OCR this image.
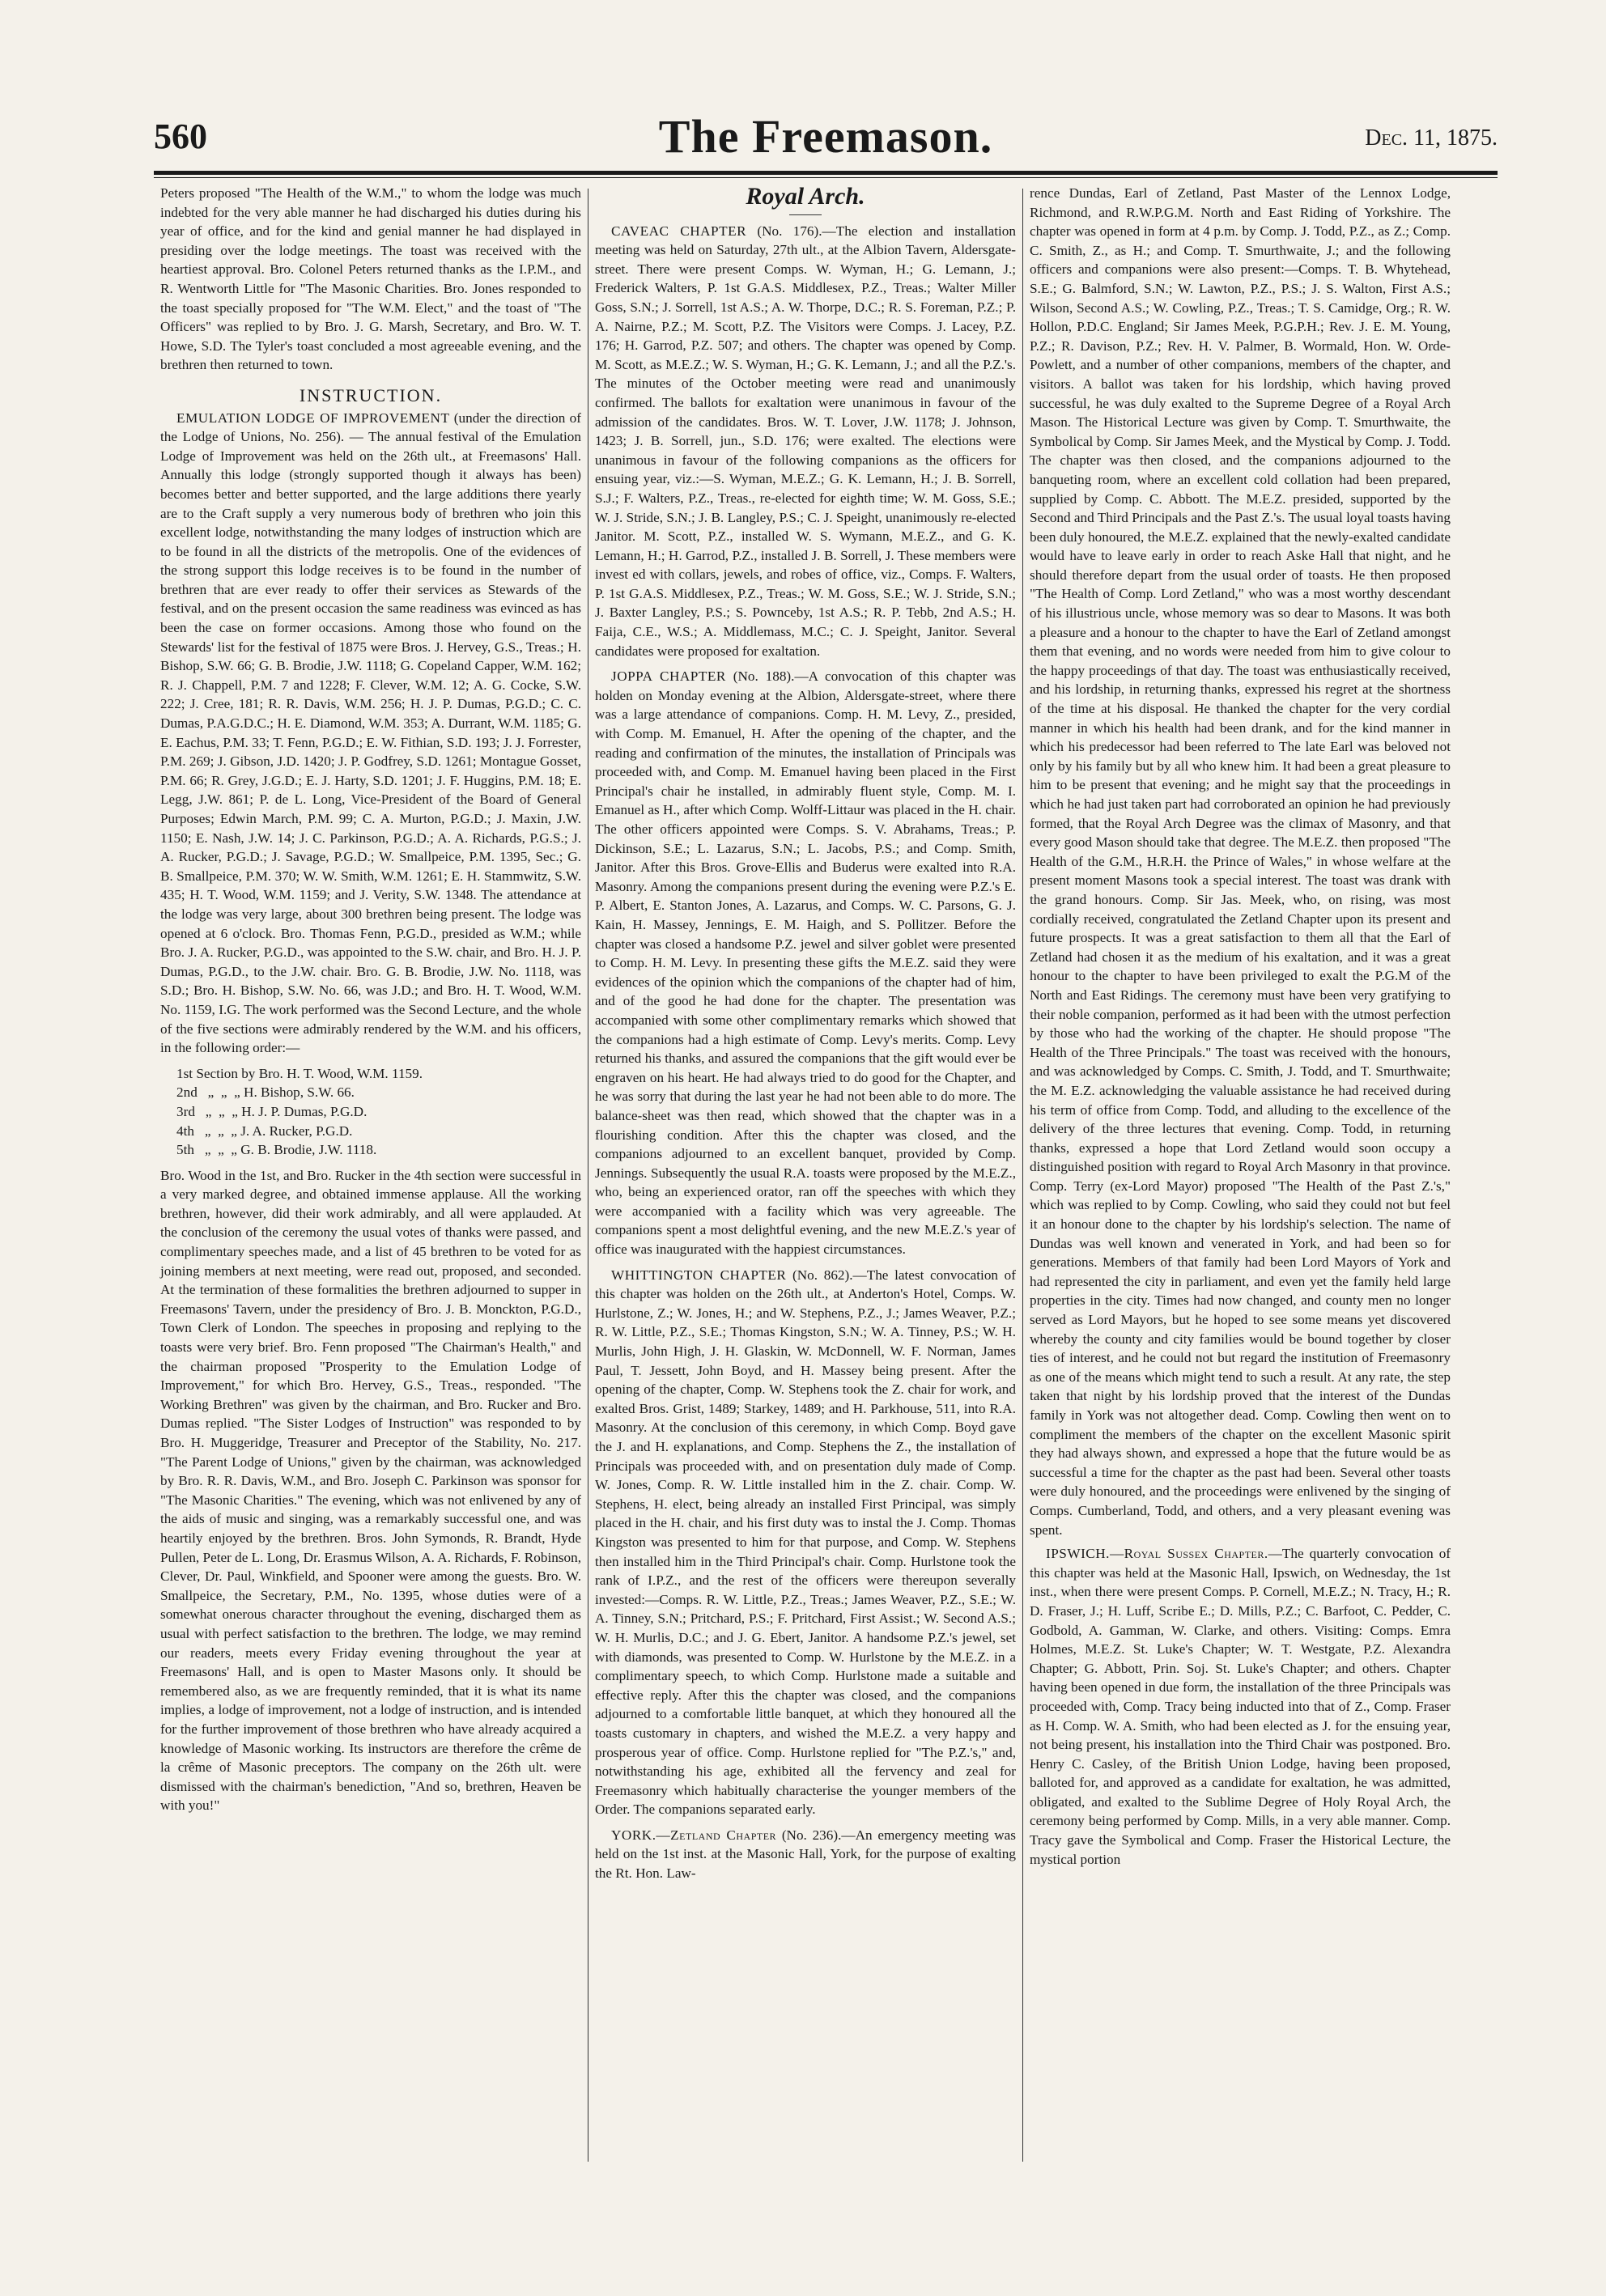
560	The Freemason.	Dec. 11, 1875.

Peters proposed "The Health of the W.M.," to whom the lodge was much indebted for the very able manner he had discharged his duties during his year of office, and for the kind and genial manner he had displayed in presiding over the lodge meetings. The toast was received with the heartiest approval. Bro. Colonel Peters returned thanks as the I.P.M., and R. Wentworth Little for "The Masonic Charities. Bro. Jones responded to the toast specially proposed for "The W.M. Elect," and the toast of "The Officers" was replied to by Bro. J. G. Marsh, Secretary, and Bro. W. T. Howe, S.D. The Tyler's toast concluded a most agreeable evening, and the brethren then returned to town.

INSTRUCTION.

EMULATION LODGE OF IMPROVEMENT (under the direction of the Lodge of Unions, No. 256). — The annual festival of the Emulation Lodge of Improvement was held on the 26th ult., at Freemasons' Hall. Annually this lodge (strongly supported though it always has been) becomes better and better supported, and the large additions there yearly are to the Craft supply a very numerous body of brethren who join this excellent lodge, notwithstanding the many lodges of instruction which are to be found in all the districts of the metropolis. One of the evidences of the strong support this lodge receives is to be found in the number of brethren that are ever ready to offer their services as Stewards of the festival, and on the present occasion the same readiness was evinced as has been the case on former occasions. Among those who found on the Stewards' list for the festival of 1875 were Bros. J. Hervey, G.S., Treas.; H. Bishop, S.W. 66; G. B. Brodie, J.W. 1118; G. Copeland Capper, W.M. 162; R. J. Chappell, P.M. 7 and 1228; F. Clever, W.M. 12; A. G. Cocke, S.W. 222; J. Cree, 181; R. R. Davis, W.M. 256; H. J. P. Dumas, P.G.D.; C. C. Dumas, P.A.G.D.C.; H. E. Diamond, W.M. 353; A. Durrant, W.M. 1185; G. E. Eachus, P.M. 33; T. Fenn, P.G.D.; E. W. Fithian, S.D. 193; J. J. Forrester, P.M. 269; J. Gibson, J.D. 1420; J. P. Godfrey, S.D. 1261; Montague Gosset, P.M. 66; R. Grey, J.G.D.; E. J. Harty, S.D. 1201; J. F. Huggins, P.M. 18; E. Legg, J.W. 861; P. de L. Long, Vice-President of the Board of General Purposes; Edwin March, P.M. 99; C. A. Murton, P.G.D.; J. Maxin, J.W. 1150; E. Nash, J.W. 14; J. C. Parkinson, P.G.D.; A. A. Richards, P.G.S.; J. A. Rucker, P.G.D.; J. Savage, P.G.D.; W. Smallpeice, P.M. 1395, Sec.; G. B. Smallpeice, P.M. 370; W. W. Smith, W.M. 1261; E. H. Stammwitz, S.W. 435; H. T. Wood, W.M. 1159; and J. Verity, S.W. 1348. The attendance at the lodge was very large, about 300 brethren being present. The lodge was opened at 6 o'clock. Bro. Thomas Fenn, P.G.D., presided as W.M.; while Bro. J. A. Rucker, P.G.D., was appointed to the S.W. chair, and Bro. H. J. P. Dumas, P.G.D., to the J.W. chair. Bro. G. B. Brodie, J.W. No. 1118, was S.D.; Bro. H. Bishop, S.W. No. 66, was J.D.; and Bro. H. T. Wood, W.M. No. 1159, I.G. The work performed was the Second Lecture, and the whole of the five sections were admirably rendered by the W.M. and his officers, in the following order:—

1st Section by Bro. H. T. Wood, W.M. 1159.
2nd   „  „  „ H. Bishop, S.W. 66.
3rd   „  „  „ H. J. P. Dumas, P.G.D.
4th   „  „  „ J. A. Rucker, P.G.D.
5th   „  „  „ G. B. Brodie, J.W. 1118.

Bro. Wood in the 1st, and Bro. Rucker in the 4th section were successful in a very marked degree, and obtained immense applause. All the working brethren, however, did their work admirably, and all were applauded. At the conclusion of the ceremony the usual votes of thanks were passed, and complimentary speeches made, and a list of 45 brethren to be voted for as joining members at next meeting, were read out, proposed, and seconded. At the termination of these formalities the brethren adjourned to supper in Freemasons' Tavern, under the presidency of Bro. J. B. Monckton, P.G.D., Town Clerk of London. The speeches in proposing and replying to the toasts were very brief. Bro. Fenn proposed "The Chairman's Health," and the chairman proposed "Prosperity to the Emulation Lodge of Improvement," for which Bro. Hervey, G.S., Treas., responded. "The Working Brethren" was given by the chairman, and Bro. Rucker and Bro. Dumas replied. "The Sister Lodges of Instruction" was responded to by Bro. H. Muggeridge, Treasurer and Preceptor of the Stability, No. 217. "The Parent Lodge of Unions," given by the chairman, was acknowledged by Bro. R. R. Davis, W.M., and Bro. Joseph C. Parkinson was sponsor for "The Masonic Charities." The evening, which was not enlivened by any of the aids of music and singing, was a remarkably successful one, and was heartily enjoyed by the brethren. Bros. John Symonds, R. Brandt, Hyde Pullen, Peter de L. Long, Dr. Erasmus Wilson, A. A. Richards, F. Robinson, Clever, Dr. Paul, Winkfield, and Spooner were among the guests. Bro. W. Smallpeice, the Secretary, P.M., No. 1395, whose duties were of a somewhat onerous character throughout the evening, discharged them as usual with perfect satisfaction to the brethren. The lodge, we may remind our readers, meets every Friday evening throughout the year at Freemasons' Hall, and is open to Master Masons only. It should be remembered also, as we are frequently reminded, that it is what its name implies, a lodge of improvement, not a lodge of instruction, and is intended for the further improvement of those brethren who have already acquired a knowledge of Masonic working. Its instructors are therefore the crême de la crême of Masonic preceptors. The company on the 26th ult. were dismissed with the chairman's benediction, "And so, brethren, Heaven be with you!"

Royal Arch.

CAVEAC CHAPTER (No. 176).—The election and installation meeting was held on Saturday, 27th ult., at the Albion Tavern, Aldersgate-street. There were present Comps. W. Wyman, H.; G. Lemann, J.; Frederick Walters, P. 1st G.A.S. Middlesex, P.Z., Treas.; Walter Miller Goss, S.N.; J. Sorrell, 1st A.S.; A. W. Thorpe, D.C.; R. S. Foreman, P.Z.; P. A. Nairne, P.Z.; M. Scott, P.Z. The Visitors were Comps. J. Lacey, P.Z. 176; H. Garrod, P.Z. 507; and others. The chapter was opened by Comp. M. Scott, as M.E.Z.; W. S. Wyman, H.; G. K. Lemann, J.; and all the P.Z.'s. The minutes of the October meeting were read and unanimously confirmed. The ballots for exaltation were unanimous in favour of the admission of the candidates. Bros. W. T. Lover, J.W. 1178; J. Johnson, 1423; J. B. Sorrell, jun., S.D. 176; were exalted. The elections were unanimous in favour of the following companions as the officers for ensuing year, viz.:—S. Wyman, M.E.Z.; G. K. Lemann, H.; J. B. Sorrell, S.J.; F. Walters, P.Z., Treas., re-elected for eighth time; W. M. Goss, S.E.; W. J. Stride, S.N.; J. B. Langley, P.S.; C. J. Speight, unanimously re-elected Janitor. M. Scott, P.Z., installed W. S. Wymann, M.E.Z., and G. K. Lemann, H.; H. Garrod, P.Z., installed J. B. Sorrell, J. These members were invest ed with collars, jewels, and robes of office, viz., Comps. F. Walters, P. 1st G.A.S. Middlesex, P.Z., Treas.; W. M. Goss, S.E.; W. J. Stride, S.N.; J. Baxter Langley, P.S.; S. Pownceby, 1st A.S.; R. P. Tebb, 2nd A.S.; H. Faija, C.E., W.S.; A. Middlemass, M.C.; C. J. Speight, Janitor. Several candidates were proposed for exaltation.

JOPPA CHAPTER (No. 188).—A convocation of this chapter was holden on Monday evening at the Albion, Aldersgate-street, where there was a large attendance of companions. Comp. H. M. Levy, Z., presided, with Comp. M. Emanuel, H. After the opening of the chapter, and the reading and confirmation of the minutes, the installation of Principals was proceeded with, and Comp. M. Emanuel having been placed in the First Principal's chair he installed, in admirably fluent style, Comp. M. I. Emanuel as H., after which Comp. Wolff-Littaur was placed in the H. chair. The other officers appointed were Comps. S. V. Abrahams, Treas.; P. Dickinson, S.E.; L. Lazarus, S.N.; L. Jacobs, P.S.; and Comp. Smith, Janitor. After this Bros. Grove-Ellis and Buderus were exalted into R.A. Masonry. Among the companions present during the evening were P.Z.'s E. P. Albert, E. Stanton Jones, A. Lazarus, and Comps. W. C. Parsons, G. J. Kain, H. Massey, Jennings, E. M. Haigh, and S. Pollitzer. Before the chapter was closed a handsome P.Z. jewel and silver goblet were presented to Comp. H. M. Levy. In presenting these gifts the M.E.Z. said they were evidences of the opinion which the companions of the chapter had of him, and of the good he had done for the chapter. The presentation was accompanied with some other complimentary remarks which showed that the companions had a high estimate of Comp. Levy's merits. Comp. Levy returned his thanks, and assured the companions that the gift would ever be engraven on his heart. He had always tried to do good for the Chapter, and he was sorry that during the last year he had not been able to do more. The balance-sheet was then read, which showed that the chapter was in a flourishing condition. After this the chapter was closed, and the companions adjourned to an excellent banquet, provided by Comp. Jennings. Subsequently the usual R.A. toasts were proposed by the M.E.Z., who, being an experienced orator, ran off the speeches with which they were accompanied with a facility which was very agreeable. The companions spent a most delightful evening, and the new M.E.Z.'s year of office was inaugurated with the happiest circumstances.

WHITTINGTON CHAPTER (No. 862).—The latest convocation of this chapter was holden on the 26th ult., at Anderton's Hotel, Comps. W. Hurlstone, Z.; W. Jones, H.; and W. Stephens, P.Z., J.; James Weaver, P.Z.; R. W. Little, P.Z., S.E.; Thomas Kingston, S.N.; W. A. Tinney, P.S.; W. H. Murlis, John High, J. H. Glaskin, W. McDonnell, W. F. Norman, James Paul, T. Jessett, John Boyd, and H. Massey being present. After the opening of the chapter, Comp. W. Stephens took the Z. chair for work, and exalted Bros. Grist, 1489; Starkey, 1489; and H. Parkhouse, 511, into R.A. Masonry. At the conclusion of this ceremony, in which Comp. Boyd gave the J. and H. explanations, and Comp. Stephens the Z., the installation of Principals was proceeded with, and on presentation duly made of Comp. W. Jones, Comp. R. W. Little installed him in the Z. chair. Comp. W. Stephens, H. elect, being already an installed First Principal, was simply placed in the H. chair, and his first duty was to instal the J. Comp. Thomas Kingston was presented to him for that purpose, and Comp. W. Stephens then installed him in the Third Principal's chair. Comp. Hurlstone took the rank of I.P.Z., and the rest of the officers were thereupon severally invested:—Comps. R. W. Little, P.Z., Treas.; James Weaver, P.Z., S.E.; W. A. Tinney, S.N.; Pritchard, P.S.; F. Pritchard, First Assist.; W. Second A.S.; W. H. Murlis, D.C.; and J. G. Ebert, Janitor. A handsome P.Z.'s jewel, set with diamonds, was presented to Comp. W. Hurlstone by the M.E.Z. in a complimentary speech, to which Comp. Hurlstone made a suitable and effective reply. After this the chapter was closed, and the companions adjourned to a comfortable little banquet, at which they honoured all the toasts customary in chapters, and wished the M.E.Z. a very happy and prosperous year of office. Comp. Hurlstone replied for "The P.Z.'s," and, notwithstanding his age, exhibited all the fervency and zeal for Freemasonry which habitually characterise the younger members of the Order. The companions separated early.

YORK.—Zetland Chapter (No. 236).—An emergency meeting was held on the 1st inst. at the Masonic Hall, York, for the purpose of exalting the Rt. Hon. Law-

rence Dundas, Earl of Zetland, Past Master of the Lennox Lodge, Richmond, and R.W.P.G.M. North and East Riding of Yorkshire. The chapter was opened in form at 4 p.m. by Comp. J. Todd, P.Z., as Z.; Comp. C. Smith, Z., as H.; and Comp. T. Smurthwaite, J.; and the following officers and companions were also present:—Comps. T. B. Whytehead, S.E.; G. Balmford, S.N.; W. Lawton, P.Z., P.S.; J. S. Walton, First A.S.; Wilson, Second A.S.; W. Cowling, P.Z., Treas.; T. S. Camidge, Org.; R. W. Hollon, P.D.C. England; Sir James Meek, P.G.P.H.; Rev. J. E. M. Young, P.Z.; R. Davison, P.Z.; Rev. H. V. Palmer, B. Wormald, Hon. W. Orde-Powlett, and a number of other companions, members of the chapter, and visitors. A ballot was taken for his lordship, which having proved successful, he was duly exalted to the Supreme Degree of a Royal Arch Mason. The Historical Lecture was given by Comp. T. Smurthwaite, the Symbolical by Comp. Sir James Meek, and the Mystical by Comp. J. Todd. The chapter was then closed, and the companions adjourned to the banqueting room, where an excellent cold collation had been prepared, supplied by Comp. C. Abbott. The M.E.Z. presided, supported by the Second and Third Principals and the Past Z.'s. The usual loyal toasts having been duly honoured, the M.E.Z. explained that the newly-exalted candidate would have to leave early in order to reach Aske Hall that night, and he should therefore depart from the usual order of toasts. He then proposed "The Health of Comp. Lord Zetland," who was a most worthy descendant of his illustrious uncle, whose memory was so dear to Masons. It was both a pleasure and a honour to the chapter to have the Earl of Zetland amongst them that evening, and no words were needed from him to give colour to the happy proceedings of that day. The toast was enthusiastically received, and his lordship, in returning thanks, expressed his regret at the shortness of the time at his disposal. He thanked the chapter for the very cordial manner in which his health had been drank, and for the kind manner in which his predecessor had been referred to The late Earl was beloved not only by his family but by all who knew him. It had been a great pleasure to him to be present that evening; and he might say that the proceedings in which he had just taken part had corroborated an opinion he had previously formed, that the Royal Arch Degree was the climax of Masonry, and that every good Mason should take that degree. The M.E.Z. then proposed "The Health of the G.M., H.R.H. the Prince of Wales," in whose welfare at the present moment Masons took a special interest. The toast was drank with the grand honours. Comp. Sir Jas. Meek, who, on rising, was most cordially received, congratulated the Zetland Chapter upon its present and future prospects. It was a great satisfaction to them all that the Earl of Zetland had chosen it as the medium of his exaltation, and it was a great honour to the chapter to have been privileged to exalt the P.G.M of the North and East Ridings. The ceremony must have been very gratifying to their noble companion, performed as it had been with the utmost perfection by those who had the working of the chapter. He should propose "The Health of the Three Principals." The toast was received with the honours, and was acknowledged by Comps. C. Smith, J. Todd, and T. Smurthwaite; the M. E.Z. acknowledging the valuable assistance he had received during his term of office from Comp. Todd, and alluding to the excellence of the delivery of the three lectures that evening. Comp. Todd, in returning thanks, expressed a hope that Lord Zetland would soon occupy a distinguished position with regard to Royal Arch Masonry in that province. Comp. Terry (ex-Lord Mayor) proposed "The Health of the Past Z.'s," which was replied to by Comp. Cowling, who said they could not but feel it an honour done to the chapter by his lordship's selection. The name of Dundas was well known and venerated in York, and had been so for generations. Members of that family had been Lord Mayors of York and had represented the city in parliament, and even yet the family held large properties in the city. Times had now changed, and county men no longer served as Lord Mayors, but he hoped to see some means yet discovered whereby the county and city families would be bound together by closer ties of interest, and he could not but regard the institution of Freemasonry as one of the means which might tend to such a result. At any rate, the step taken that night by his lordship proved that the interest of the Dundas family in York was not altogether dead. Comp. Cowling then went on to compliment the members of the chapter on the excellent Masonic spirit they had always shown, and expressed a hope that the future would be as successful a time for the chapter as the past had been. Several other toasts were duly honoured, and the proceedings were enlivened by the singing of Comps. Cumberland, Todd, and others, and a very pleasant evening was spent.

IPSWICH.—Royal Sussex Chapter.—The quarterly convocation of this chapter was held at the Masonic Hall, Ipswich, on Wednesday, the 1st inst., when there were present Comps. P. Cornell, M.E.Z.; N. Tracy, H.; R. D. Fraser, J.; H. Luff, Scribe E.; D. Mills, P.Z.; C. Barfoot, C. Pedder, C. Godbold, A. Gamman, W. Clarke, and others. Visiting: Comps. Emra Holmes, M.E.Z. St. Luke's Chapter; W. T. Westgate, P.Z. Alexandra Chapter; G. Abbott, Prin. Soj. St. Luke's Chapter; and others. Chapter having been opened in due form, the installation of the three Principals was proceeded with, Comp. Tracy being inducted into that of Z., Comp. Fraser as H. Comp. W. A. Smith, who had been elected as J. for the ensuing year, not being present, his installation into the Third Chair was postponed. Bro. Henry C. Casley, of the British Union Lodge, having been proposed, balloted for, and approved as a candidate for exaltation, he was admitted, obligated, and exalted to the Sublime Degree of Holy Royal Arch, the ceremony being performed by Comp. Mills, in a very able manner. Comp. Tracy gave the Symbolical and Comp. Fraser the Historical Lecture, the mystical portion
